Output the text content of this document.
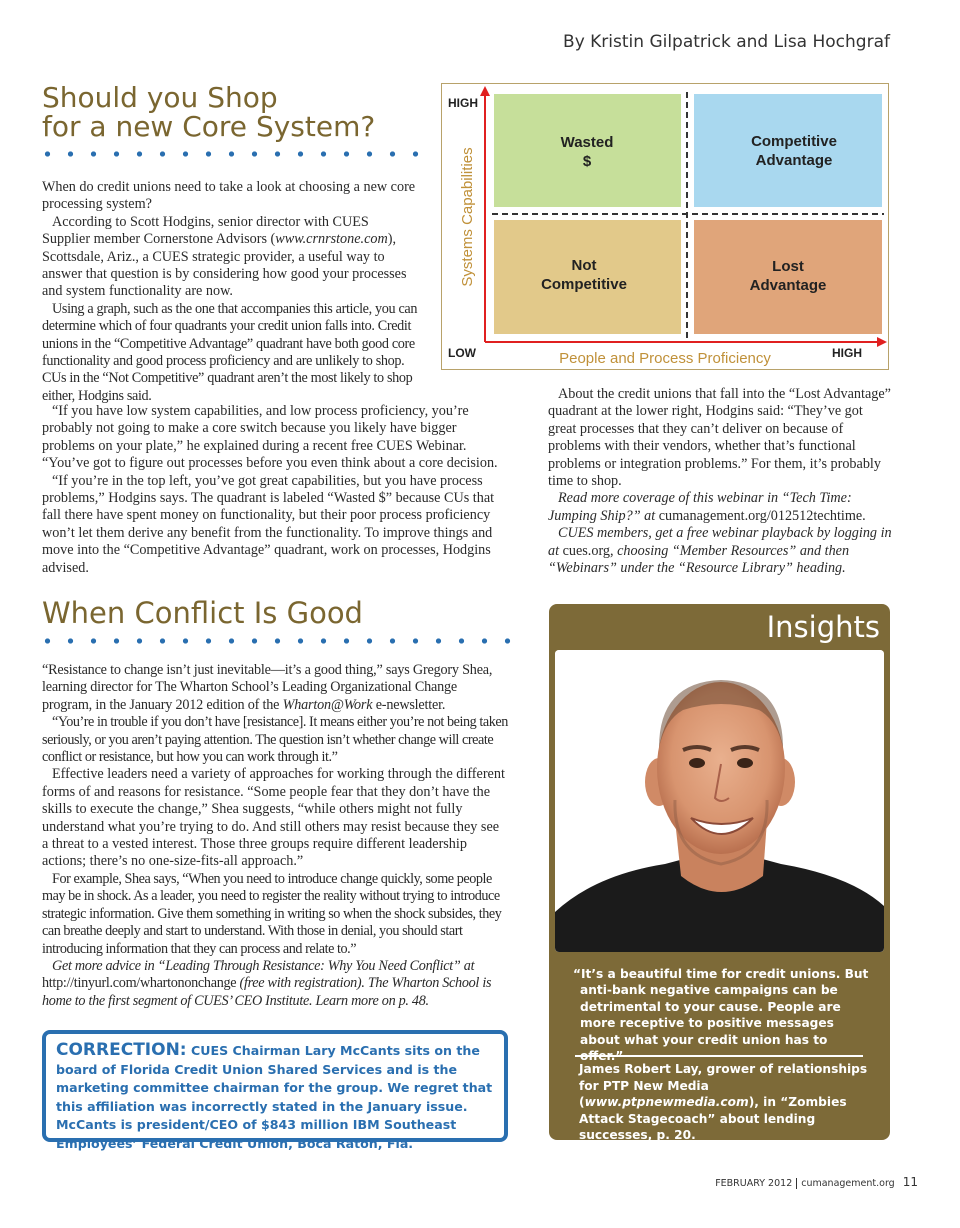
By Kristin Gilpatrick and Lisa Hochgraf
Should you Shop
for a new Core System?

When do credit unions need to take a look at choosing a new core processing system?

According to Scott Hodgins, senior director with CUES Supplier member Cornerstone Advisors (www.crnrstone.com), Scottsdale, Ariz., a CUES strategic provider, a useful way to answer that question is by considering how good your processes and system functionality are now.

Using a graph, such as the one that accompanies this article, you can determine which of four quadrants your credit union falls into. Credit unions in the “Competitive Advantage” quadrant have both good core functionality and good process proficiency and are unlikely to shop. CUs in the “Not Competitive” quadrant aren’t the most likely to shop either, Hodgins said.

“If you have low system capabilities, and low process proficiency, you’re probably not going to make a core switch because you likely have bigger problems on your plate,” he explained during a recent free CUES Webinar. “You’ve got to figure out processes before you even think about a core decision.

“If you’re in the top left, you’ve got great capabilities, but you have process problems,” Hodgins says. The quadrant is labeled “Wasted $” because CUs that fall there have spent money on functionality, but their poor process proficiency won’t let them derive any benefit from the functionality. To improve things and move into the “Competitive Advantage” quadrant, work on processes, Hodgins advised.

About the credit unions that fall into the “Lost Advantage” quadrant at the lower right, Hodgins said: “They’ve got great processes that they can’t deliver on because of problems with their vendors, whether that’s functional problems or integration problems.” For them, it’s probably time to shop.

Read more coverage of this webinar in “Tech Time: Jumping Ship?” at cumanagement.org/012512techtime.

CUES members, get a free webinar playback by logging in at cues.org, choosing “Member Resources” and then “Webinars” under the “Resource Library” heading.

Wasted
$
Competitive
Advantage
Not
Competitive
Lost
Advantage
HIGH
LOW	HIGH
Systems Capabilities
People and Process Proficiency
When Conflict Is Good

“Resistance to change isn’t just inevitable—it’s a good thing,” says Gregory Shea, learning director for The Wharton School’s Leading Organizational Change program, in the January 2012 edition of the Wharton@Work e-newsletter.

“You’re in trouble if you don’t have [resistance]. It means either you’re not being taken seriously, or you aren’t paying attention. The question isn’t whether change will create conflict or resistance, but how you can work through it.”

Effective leaders need a variety of approaches for working through the different forms of and reasons for resistance. “Some people fear that they don’t have the skills to execute the change,” Shea suggests, “while others might not fully understand what you’re trying to do. And still others may resist because they see a threat to a vested interest. Those three groups require different leadership actions; there’s no one-size-fits-all approach.”

For example, Shea says, “When you need to introduce change quickly, some people may be in shock. As a leader, you need to register the reality without trying to introduce strategic information. Give them something in writing so when the shock subsides, they can breathe deeply and start to understand. With those in denial, you should start introducing information that they can process and relate to.”

Get more advice in “Leading Through Resistance: Why You Need Conflict” at http://tinyurl.com/whartononchange (free with registration). The Wharton School is home to the first segment of CUES’ CEO Institute. Learn more on p. 48.

Insights
“It’s a beautiful time for credit unions. But anti-bank negative campaigns can be detrimental to your cause. People are more receptive to positive messages about what your credit union has to
James Robert Lay, grower of relationships for PTP New Media (www.ptpnewmedia.com), in “Zombies Attack Stagecoach” about lending successes, p. 20.
CORRECTION: CUES Chairman Lary McCants sits on the board of Florida Credit Union Shared Services and is the marketing committee chairman for the group. We regret that this affiliation was incorrectly stated in the January issue. McCants is president/CEO of $843 million IBM Southeast Employees’ Federal Credit Union, Boca Raton, Fla.
FEBRUARY 2012 cumanagement.org 11
